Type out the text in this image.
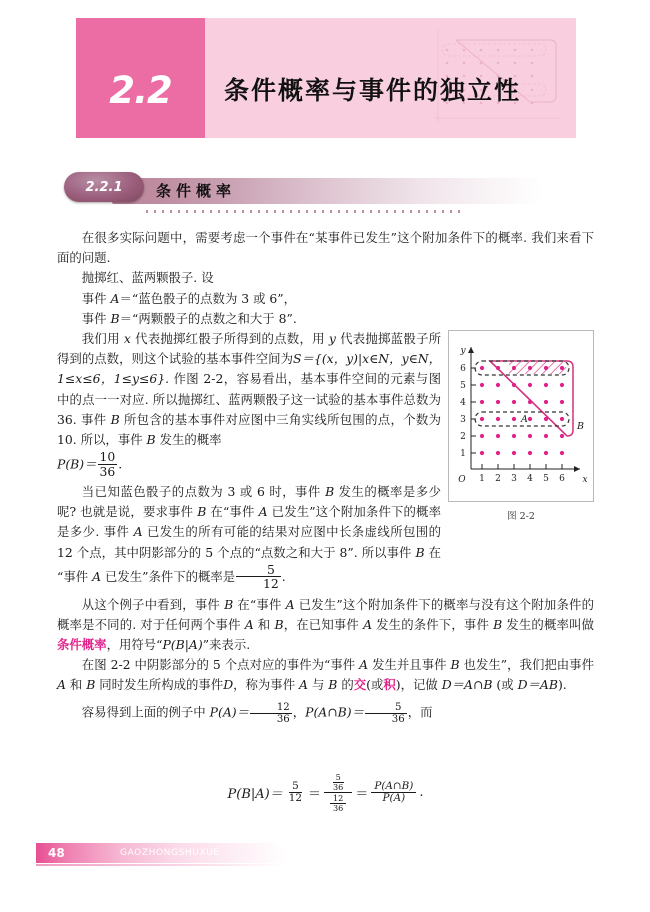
2.2	条件概率与事件的独立性
2.2.1	条件概率
1 2 3 4 5 6
1
2
3
4
5
6
O	x
y
A
B
图 2-2

在很多实际问题中，需要考虑一个事件在“某事件已发生”这个附加条件下的概率. 我们来看下面的问题.

抛掷红、蓝两颗骰子. 设

事件 A＝“蓝色骰子的点数为 3 或 6”，

事件 B＝“两颗骰子的点数之和大于 8”.

我们用 x 代表抛掷红骰子所得到的点数，用 y 代表抛掷蓝骰子所得到的点数，则这个试验的基本事件空间为S＝{(x，y)|x∈N，y∈N，1≤x≤6，1≤y≤6}. 作图 2-2，容易看出，基本事件空间的元素与图中的点一一对应. 所以抛掷红、蓝两颗骰子这一试验的基本事件总数为 36. 事件 B 所包含的基本事件对应图中三角实线所包围的点，个数为 10. 所以，事件 B 发生的概率

$P(B)= \frac{10}{36}$ .

当已知蓝色骰子的点数为 3 或 6 时，事件 B 发生的概率是多少呢? 也就是说，要求事件 B 在“事件 A 已发生”这个附加条件下的概率是多少. 事件 A 已发生的所有可能的结果对应图中长条虚线所包围的 12 个点，其中阴影部分的 5 个点的“点数之和大于 8”. 所以事件 B 在“事件 A 已发生”条件下的概率是 $\frac{5}{12}$ .

从这个例子中看到，事件 B 在“事件 A 已发生”这个附加条件下的概率与没有这个附加条件的概率是不同的. 对于任何两个事件 A 和 B，在已知事件 A 发生的条件下，事件 B 发生的概率叫做条件概率，用符号“P(B|A)”来表示.

在图 2-2 中阴影部分的 5 个点对应的事件为“事件 A 发生并且事件 B 也发生”，我们把由事件 A 和 B 同时发生所构成的事件D，称为事件 A 与 B 的交(或积)，记做 D＝A∩B (或 D＝AB).

容易得到上面的例子中 $P(A)= \frac{12}{36}$ ，P(A∩B)＝ $\frac{5}{36}$ ，而

$P(B|A)= \frac{5}{12} = \frac{\frac{5}{36}}{\frac{12}{36}} = \frac{P(A\cap B)}{P(A)}$ .
48	GAOZHONGSHUXUE
